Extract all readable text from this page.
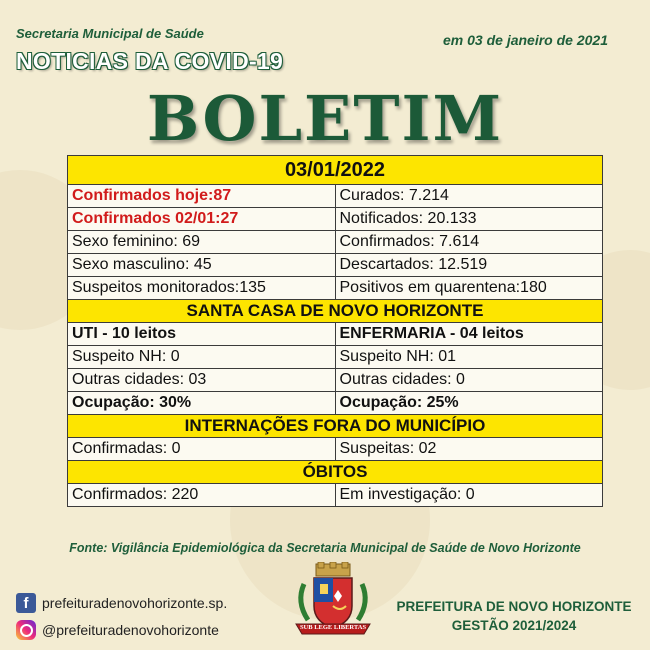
Secretaria Municipal de Saúde
NOTICIAS DA COVID-19
em 03 de janeiro de 2021
BOLETIM
03/01/2022	
Confirmados hoje:87	Curados: 7.214
Confirmados 02/01:27	Notificados: 20.133
Sexo feminino: 69	Confirmados: 7.614
Sexo masculino: 45	Descartados: 12.519
Suspeitos monitorados:135	Positivos em quarentena:180
SANTA CASA DE NOVO HORIZONTE	
UTI - 10 leitos	ENFERMARIA - 04 leitos
Suspeito NH: 0	Suspeito NH: 01
Outras cidades: 03	Outras cidades: 0
Ocupação: 30%	Ocupação: 25%
INTERNAÇÕES FORA DO MUNICÍPIO	
Confirmadas: 0	Suspeitas: 02
ÓBITOS	
Confirmados: 220	Em investigação: 0
Fonte: Vigilância Epidemiológica da Secretaria Municipal de Saúde de Novo Horizonte
f prefeituradenovohorizonte.sp.
@prefeituradenovohorizonte	SUB LEGE LIBERTAS
PREFEITURA DE NOVO HORIZONTE
GESTÃO 2021/2024
